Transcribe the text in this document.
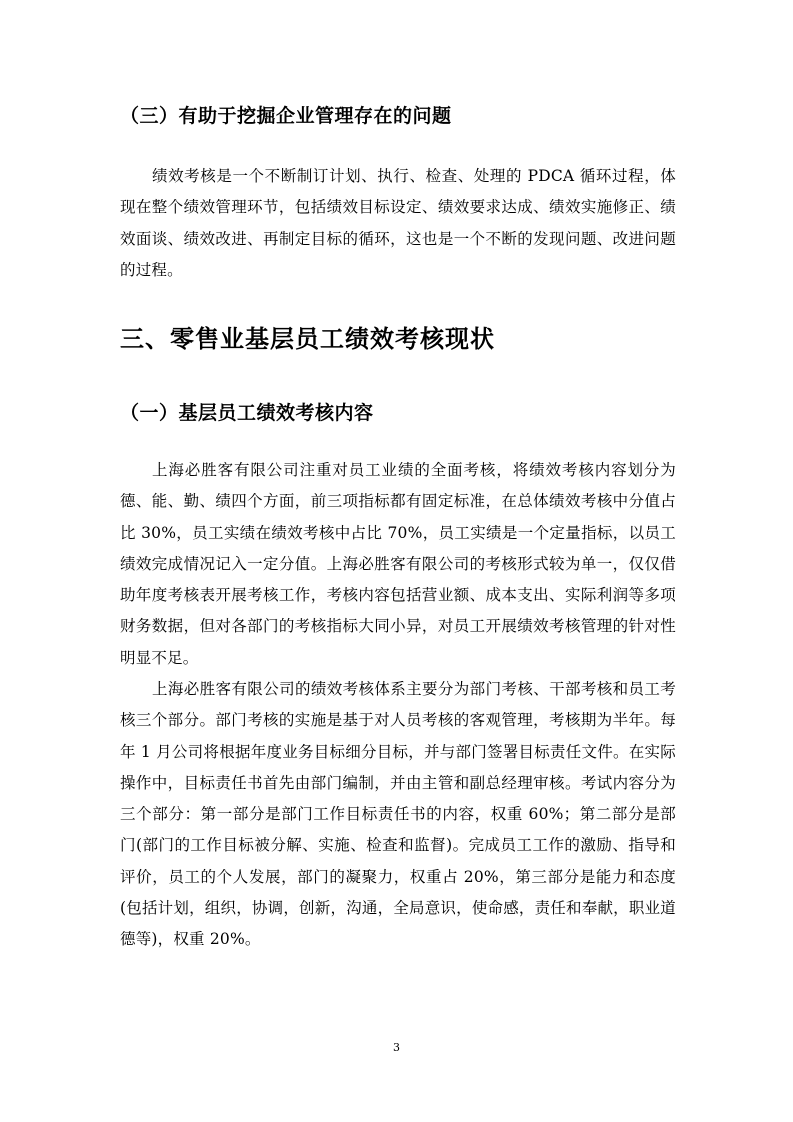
（三）有助于挖掘企业管理存在的问题
绩效考核是一个不断制订计划、执行、检查、处理的 PDCA 循环过程，体现在整个绩效管理环节，包括绩效目标设定、绩效要求达成、绩效实施修正、绩效面谈、绩效改进、再制定目标的循环，这也是一个不断的发现问题、改进问题的过程。
三、零售业基层员工绩效考核现状
（一）基层员工绩效考核内容
上海必胜客有限公司注重对员工业绩的全面考核，将绩效考核内容划分为德、能、勤、绩四个方面，前三项指标都有固定标准，在总体绩效考核中分值占比 30%，员工实绩在绩效考核中占比 70%，员工实绩是一个定量指标，以员工绩效完成情况记入一定分值。上海必胜客有限公司的考核形式较为单一，仅仅借助年度考核表开展考核工作，考核内容包括营业额、成本支出、实际利润等多项财务数据，但对各部门的考核指标大同小异，对员工开展绩效考核管理的针对性明显不足。
上海必胜客有限公司的绩效考核体系主要分为部门考核、干部考核和员工考核三个部分。部门考核的实施是基于对人员考核的客观管理，考核期为半年。每年 1 月公司将根据年度业务目标细分目标，并与部门签署目标责任文件。在实际操作中，目标责任书首先由部门编制，并由主管和副总经理审核。考试内容分为三个部分：第一部分是部门工作目标责任书的内容，权重 60%；第二部分是部门(部门的工作目标被分解、实施、检查和监督)。完成员工工作的激励、指导和评价，员工的个人发展，部门的凝聚力，权重占 20%，第三部分是能力和态度(包括计划，组织，协调，创新，沟通，全局意识，使命感，责任和奉献，职业道德等)，权重 20%。
3
